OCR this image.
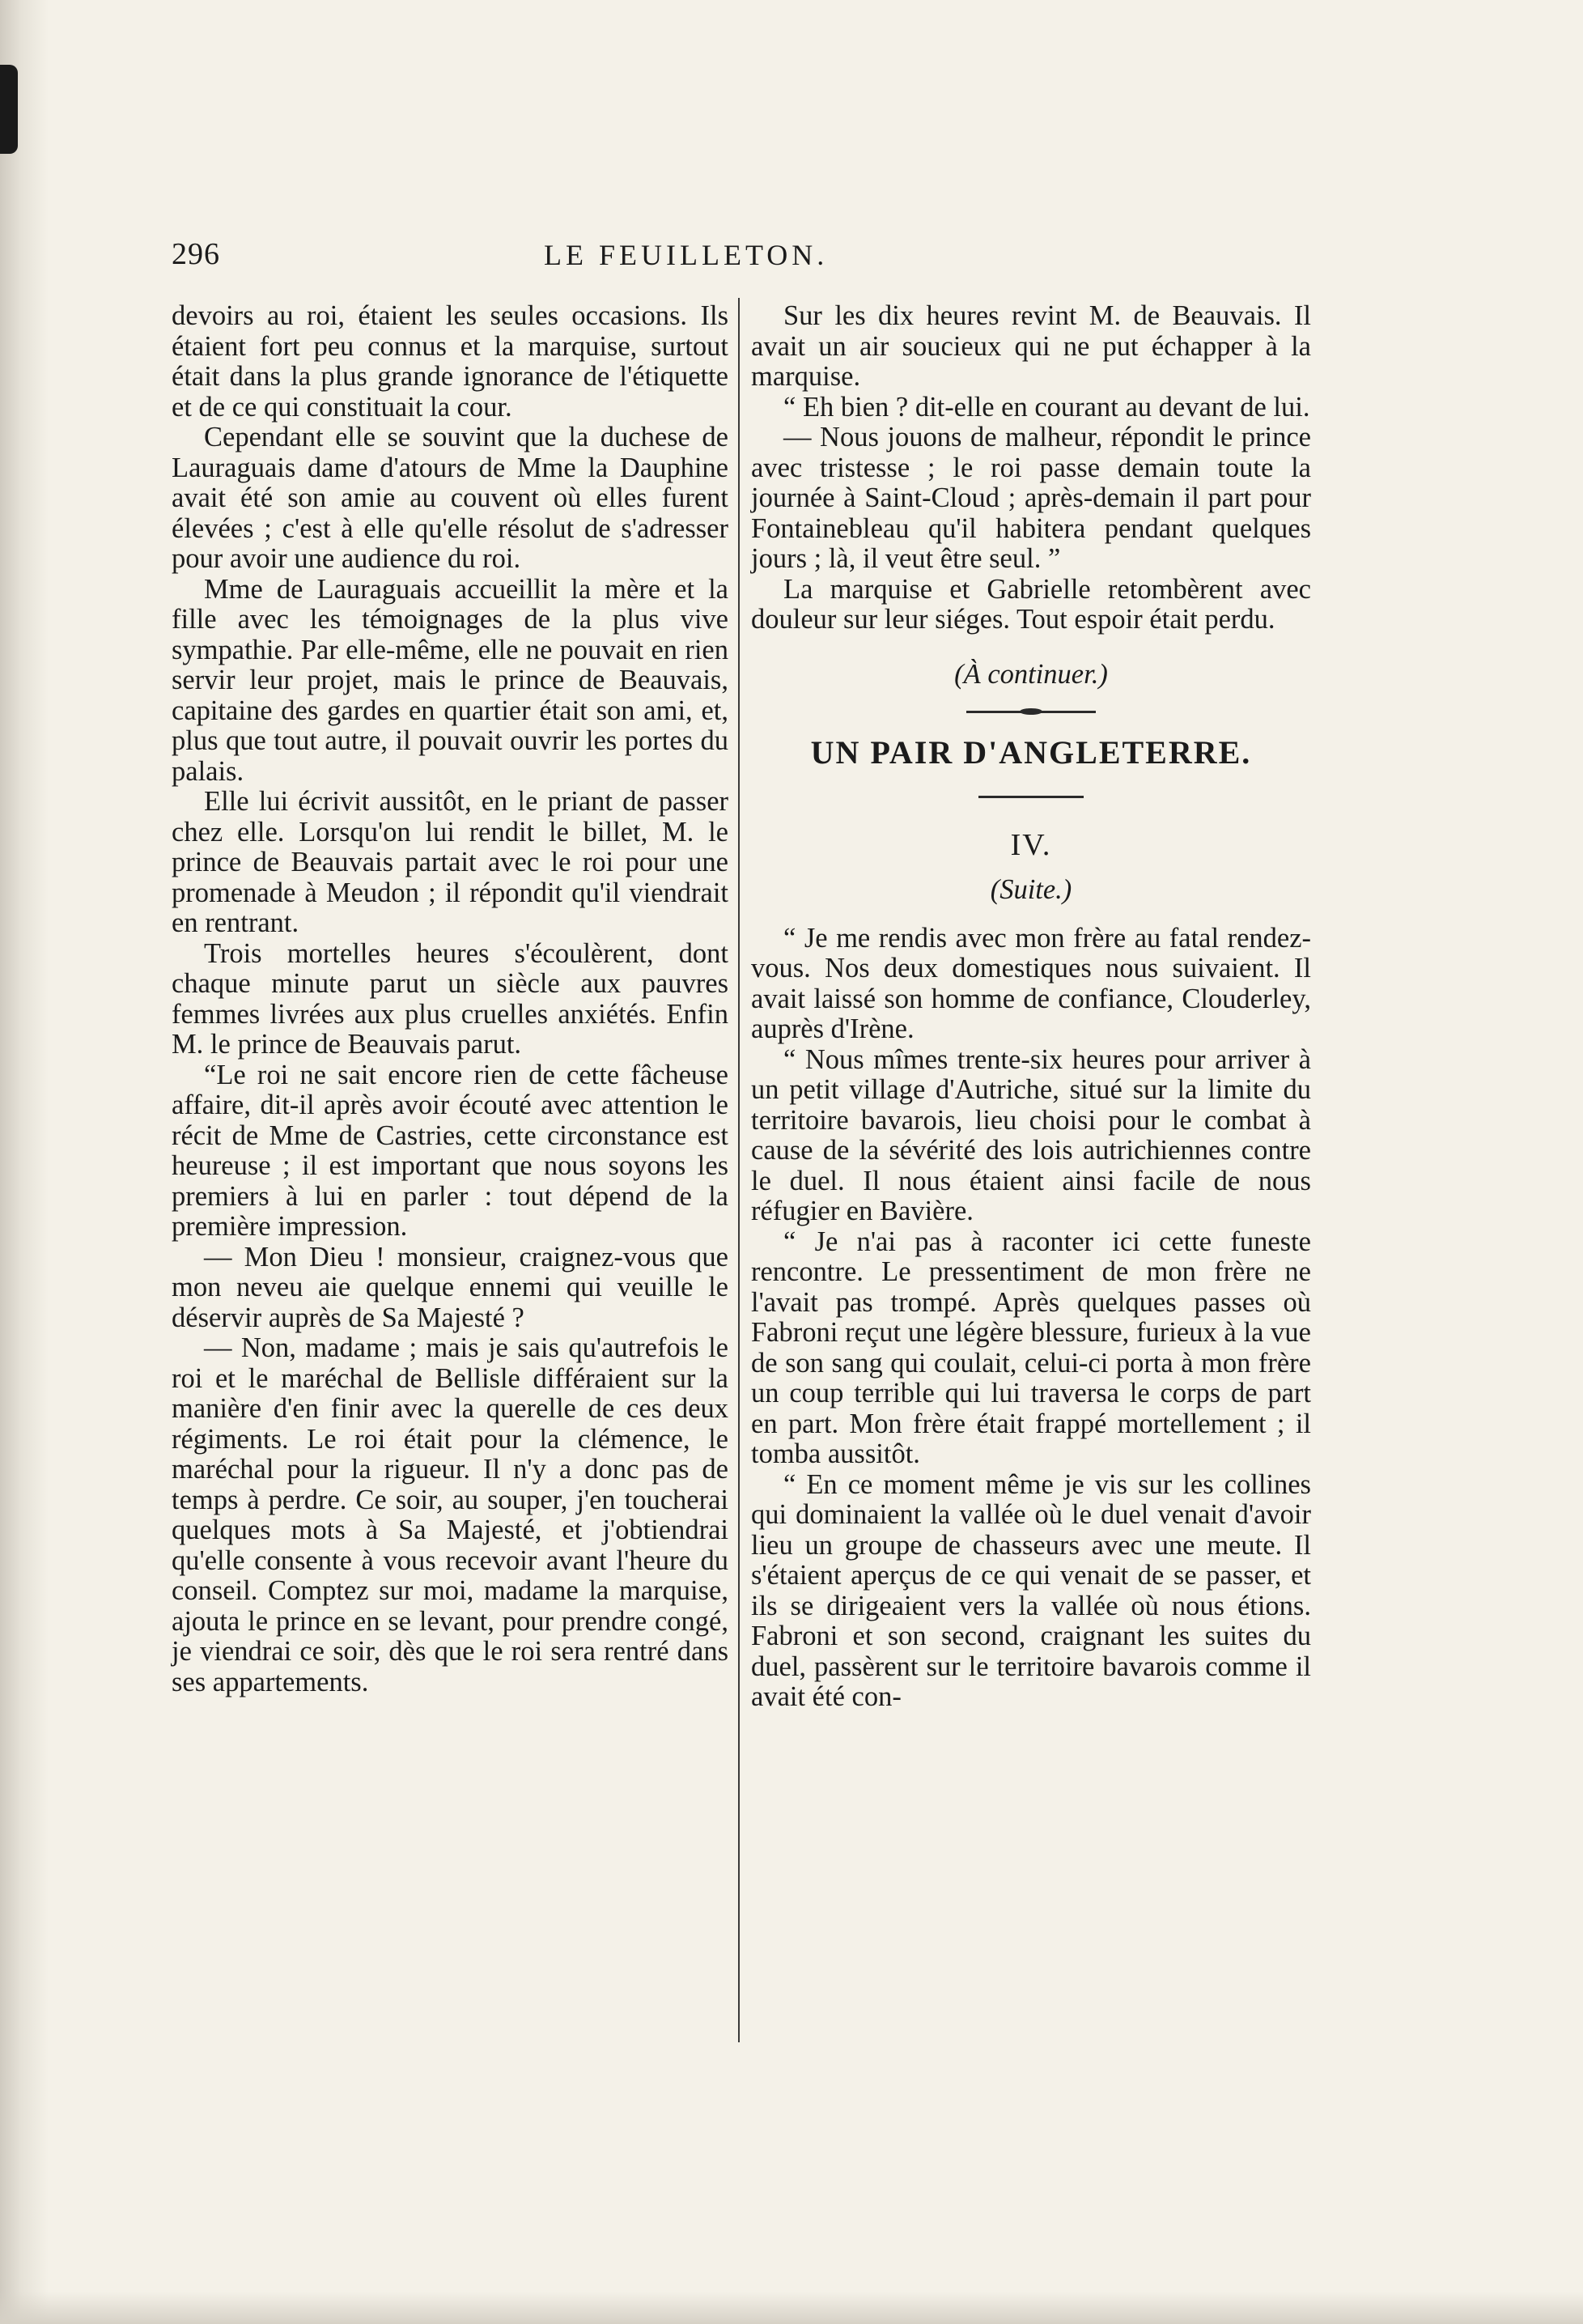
296	LE FEUILLETON.

devoirs au roi, étaient les seules occasions. Ils étaient fort peu connus et la marquise, surtout était dans la plus grande ignorance de l'étiquette et de ce qui constituait la cour.

Cependant elle se souvint que la duchese de Lauraguais dame d'atours de Mme la Dauphine avait été son amie au couvent où elles furent élevées ; c'est à elle qu'elle résolut de s'adresser pour avoir une audience du roi.

Mme de Lauraguais accueillit la mère et la fille avec les témoignages de la plus vive sympathie. Par elle-même, elle ne pouvait en rien servir leur projet, mais le prince de Beauvais, capitaine des gardes en quartier était son ami, et, plus que tout autre, il pouvait ouvrir les portes du palais.

Elle lui écrivit aussitôt, en le priant de passer chez elle. Lorsqu'on lui rendit le billet, M. le prince de Beauvais partait avec le roi pour une promenade à Meudon ; il répondit qu'il viendrait en rentrant.

Trois mortelles heures s'écoulèrent, dont chaque minute parut un siècle aux pauvres femmes livrées aux plus cruelles anxiétés. Enfin M. le prince de Beauvais parut.

“Le roi ne sait encore rien de cette fâcheuse affaire, dit-il après avoir écouté avec attention le récit de Mme de Castries, cette circonstance est heureuse ; il est important que nous soyons les premiers à lui en parler : tout dépend de la première impression.

— Mon Dieu ! monsieur, craignez-vous que mon neveu aie quelque ennemi qui veuille le déservir auprès de Sa Majesté ?

— Non, madame ; mais je sais qu'autrefois le roi et le maréchal de Bellisle différaient sur la manière d'en finir avec la querelle de ces deux régiments. Le roi était pour la clémence, le maréchal pour la rigueur. Il n'y a donc pas de temps à perdre. Ce soir, au souper, j'en toucherai quelques mots à Sa Majesté, et j'obtiendrai qu'elle consente à vous recevoir avant l'heure du conseil. Comptez sur moi, madame la marquise, ajouta le prince en se levant, pour prendre congé, je viendrai ce soir, dès que le roi sera rentré dans ses appartements.

Sur les dix heures revint M. de Beauvais. Il avait un air soucieux qui ne put échapper à la marquise.

“ Eh bien ? dit-elle en courant au devant de lui.

— Nous jouons de malheur, répondit le prince avec tristesse ; le roi passe demain toute la journée à Saint-Cloud ; après-demain il part pour Fontainebleau qu'il habitera pendant quelques jours ; là, il veut être seul. ”

La marquise et Gabrielle retombèrent avec douleur sur leur siéges. Tout espoir était perdu.

(À continuer.)

UN PAIR D'ANGLETERRE.
IV.
(Suite.)

“ Je me rendis avec mon frère au fatal rendez-vous. Nos deux domestiques nous suivaient. Il avait laissé son homme de confiance, Clouderley, auprès d'Irène.

“ Nous mîmes trente-six heures pour arriver à un petit village d'Autriche, situé sur la limite du territoire bavarois, lieu choisi pour le combat à cause de la sévérité des lois autrichiennes contre le duel. Il nous étaient ainsi facile de nous réfugier en Bavière.

“ Je n'ai pas à raconter ici cette funeste rencontre. Le pressentiment de mon frère ne l'avait pas trompé. Après quelques passes où Fabroni reçut une légère blessure, furieux à la vue de son sang qui coulait, celui-ci porta à mon frère un coup terrible qui lui traversa le corps de part en part. Mon frère était frappé mortellement ; il tomba aussitôt.

“ En ce moment même je vis sur les collines qui dominaient la vallée où le duel venait d'avoir lieu un groupe de chasseurs avec une meute. Il s'étaient aperçus de ce qui venait de se passer, et ils se dirigeaient vers la vallée où nous étions. Fabroni et son second, craignant les suites du duel, passèrent sur le territoire bavarois comme il avait été con-
